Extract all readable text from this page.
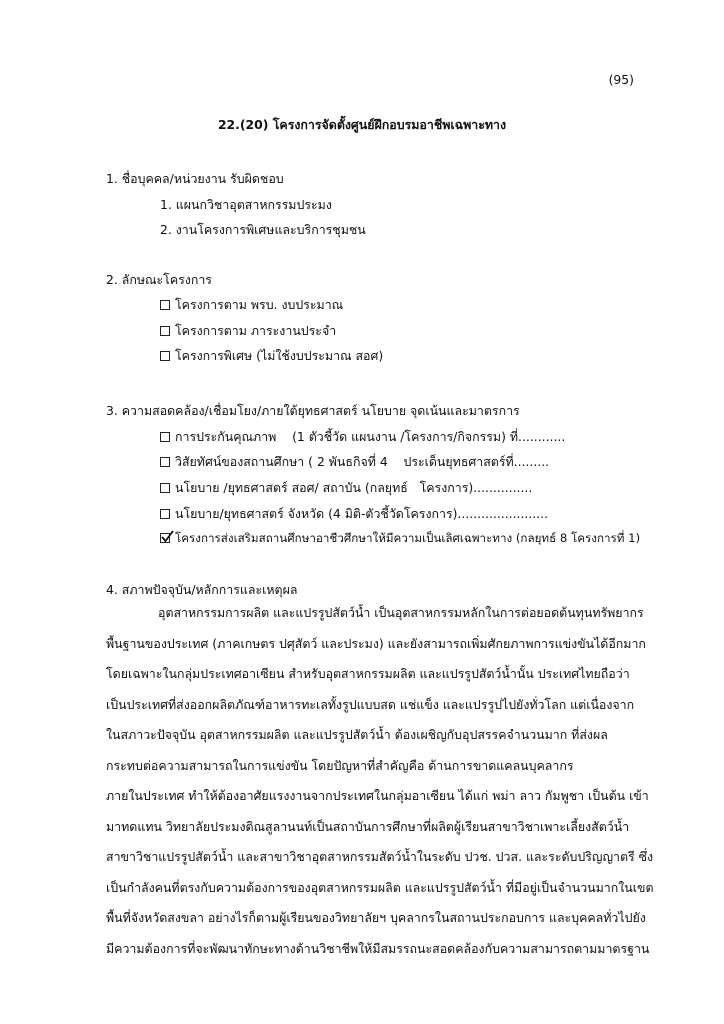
(95)
22.(20) โครงการจัดตั้งศูนย์ฝึกอบรมอาชีพเฉพาะทาง
1. ชื่อบุคคล/หน่วยงาน รับผิดชอบ
1. แผนกวิชาอุตสาหกรรมประมง
2. งานโครงการพิเศษและบริการชุมชน
2. ลักษณะโครงการ
โครงการตาม พรบ. งบประมาณ
โครงการตาม ภาระงานประจำ
โครงการพิเศษ (ไม่ใช้งบประมาณ สอศ)
3. ความสอดคล้อง/เชื่อมโยง/ภายใต้ยุทธศาสตร์ นโยบาย จุดเน้นและมาตรการ
การประกันคุณภาพ    (1 ตัวชี้วัด แผนงาน /โครงการ/กิจกรรม) ที่............
วิสัยทัศน์ของสถานศึกษา ( 2 พันธกิจที่ 4    ประเด็นยุทธศาสตร์ที่.........
นโยบาย /ยุทธศาสตร์ สอศ/ สถาบัน (กลยุทธ์   โครงการ)...............
นโยบาย/ยุทธศาสตร์ จังหวัด (4 มิติ-ตัวชี้วัดโครงการ).......................
โครงการส่งเสริมสถานศึกษาอาชีวศึกษาให้มีความเป็นเลิศเฉพาะทาง (กลยุทธ์ 8 โครงการที่ 1)
4. สภาพปัจจุบัน/หลักการและเหตุผล
อุตสาหกรรมการผลิต และแปรรูปสัตว์น้ำ เป็นอุตสาหกรรมหลักในการต่อยอดต้นทุนทรัพยากร
พื้นฐานของประเทศ (ภาคเกษตร ปศุสัตว์ และประมง) และยังสามารถเพิ่มศักยภาพการแข่งขันได้อีกมาก
โดยเฉพาะในกลุ่มประเทศอาเซียน สำหรับอุตสาหกรรมผลิต และแปรรูปสัตว์น้ำนั้น ประเทศไทยถือว่า
เป็นประเทศที่ส่งออกผลิตภัณฑ์อาหารทะเลทั้งรูปแบบสด แช่แข็ง และแปรรูปไปยังทั่วโลก แต่เนื่องจาก
ในสภาวะปัจจุบัน อุตสาหกรรมผลิต และแปรรูปสัตว์น้ำ ต้องเผชิญกับอุปสรรคจำนวนมาก ที่ส่งผล
กระทบต่อความสามารถในการแข่งขัน โดยปัญหาที่สำคัญคือ ด้านการขาดแคลนบุคลากร
ภายในประเทศ ทำให้ต้องอาศัยแรงงานจากประเทศในกลุ่มอาเซียน ได้แก่ พม่า ลาว กัมพูชา เป็นต้น เข้า
มาทดแทน วิทยาลัยประมงติณสูลานนท์เป็นสถาบันการศึกษาที่ผลิตผู้เรียนสาขาวิชาเพาะเลี้ยงสัตว์น้ำ
สาขาวิชาแปรรูปสัตว์น้ำ และสาขาวิชาอุตสาหกรรมสัตว์น้ำในระดับ ปวช. ปวส. และระดับปริญญาตรี ซึ่ง
เป็นกำลังคนที่ตรงกับความต้องการของอุตสาหกรรมผลิต และแปรรูปสัตว์น้ำ ที่มีอยู่เป็นจำนวนมากในเขต
พื้นที่จังหวัดสงขลา อย่างไรก็ตามผู้เรียนของวิทยาลัยฯ บุคลากรในสถานประกอบการ และบุคคลทั่วไปยัง
มีความต้องการที่จะพัฒนาทักษะทางด้านวิชาชีพให้มีสมรรถนะสอดคล้องกับความสามารถตามมาตรฐาน
